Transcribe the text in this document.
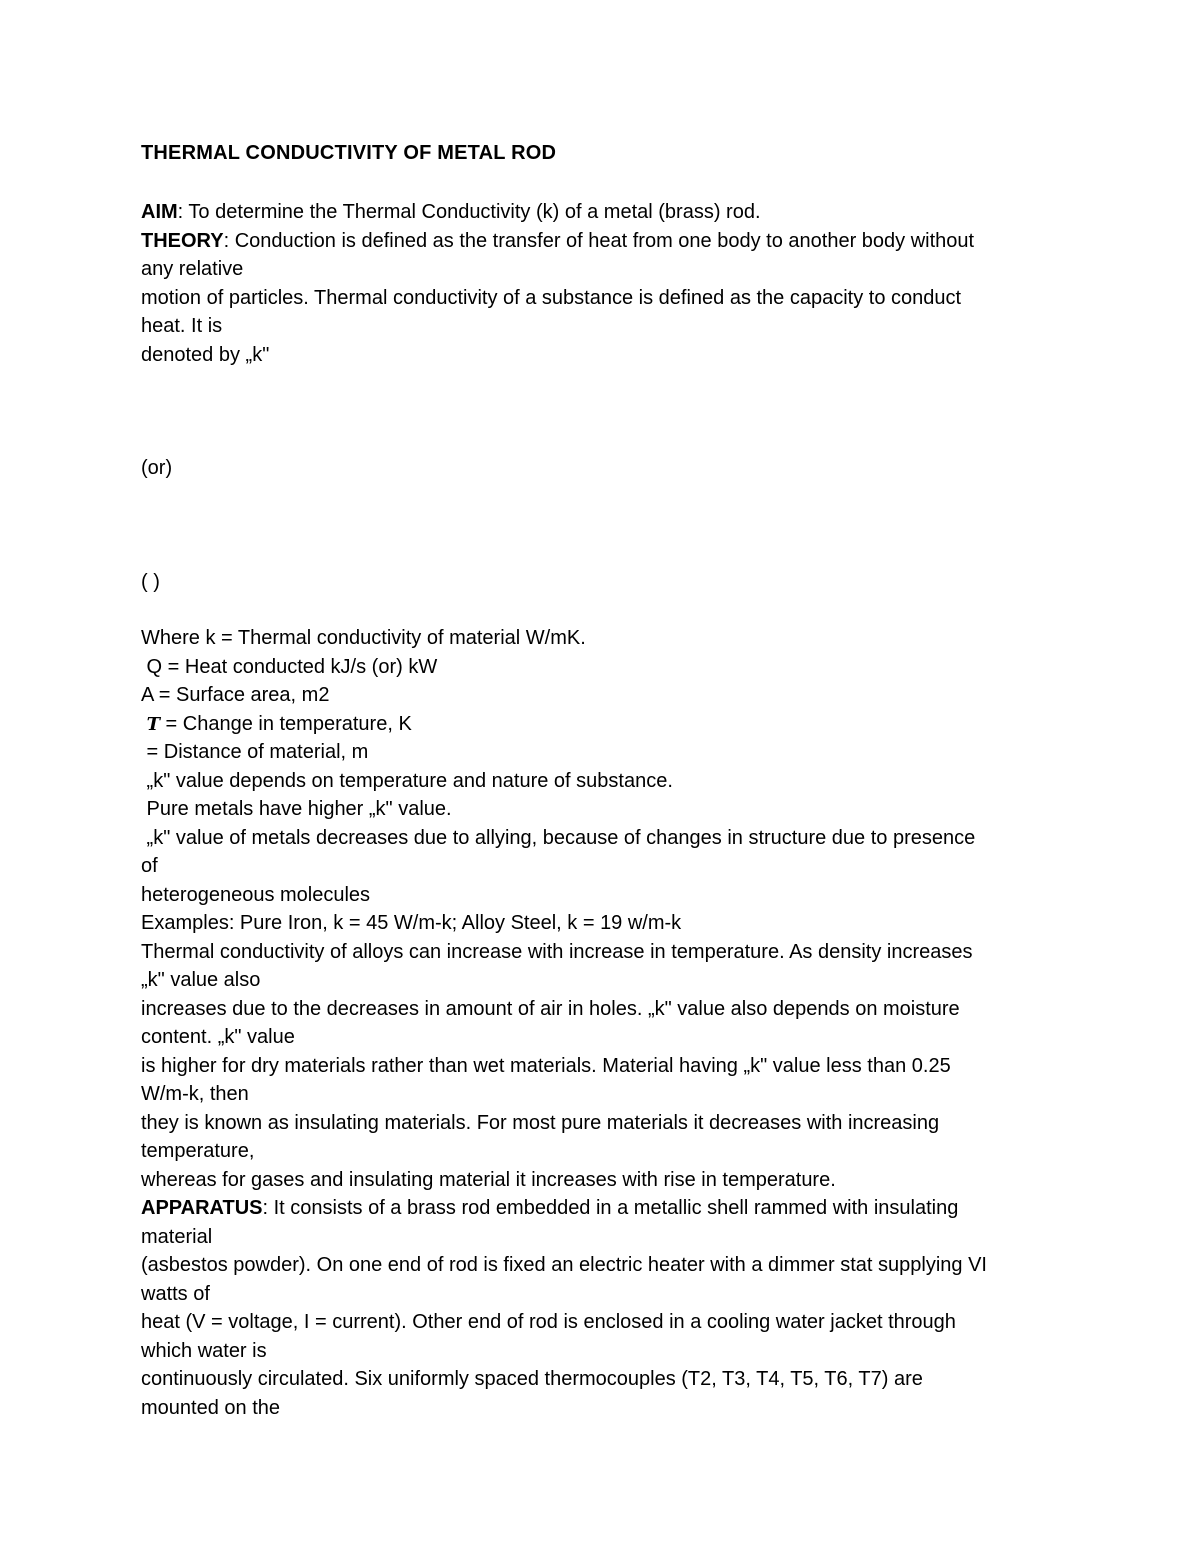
THERMAL CONDUCTIVITY OF METAL ROD
AIM: To determine the Thermal Conductivity (k) of a metal (brass) rod.
THEORY: Conduction is defined as the transfer of heat from one body to another body without
any relative
motion of particles. Thermal conductivity of a substance is defined as the capacity to conduct
heat. It is
denoted by „k"
(or)
( )
Where k = Thermal conductivity of material W/mK.
Q = Heat conducted kJ/s (or) kW
A = Surface area, m2
T = Change in temperature, K
= Distance of material, m
„k" value depends on temperature and nature of substance.
Pure metals have higher „k" value.
„k" value of metals decreases due to allying, because of changes in structure due to presence
of
heterogeneous molecules
Examples: Pure Iron, k = 45 W/m-k; Alloy Steel, k = 19 w/m-k
Thermal conductivity of alloys can increase with increase in temperature. As density increases
„k" value also
increases due to the decreases in amount of air in holes. „k" value also depends on moisture
content. „k" value
is higher for dry materials rather than wet materials. Material having „k" value less than 0.25
W/m-k, then
they is known as insulating materials. For most pure materials it decreases with increasing
temperature,
whereas for gases and insulating material it increases with rise in temperature.
APPARATUS: It consists of a brass rod embedded in a metallic shell rammed with insulating
material
(asbestos powder). On one end of rod is fixed an electric heater with a dimmer stat supplying VI
watts of
heat (V = voltage, I = current). Other end of rod is enclosed in a cooling water jacket through
which water is
continuously circulated. Six uniformly spaced thermocouples (T2, T3, T4, T5, T6, T7) are
mounted on the
